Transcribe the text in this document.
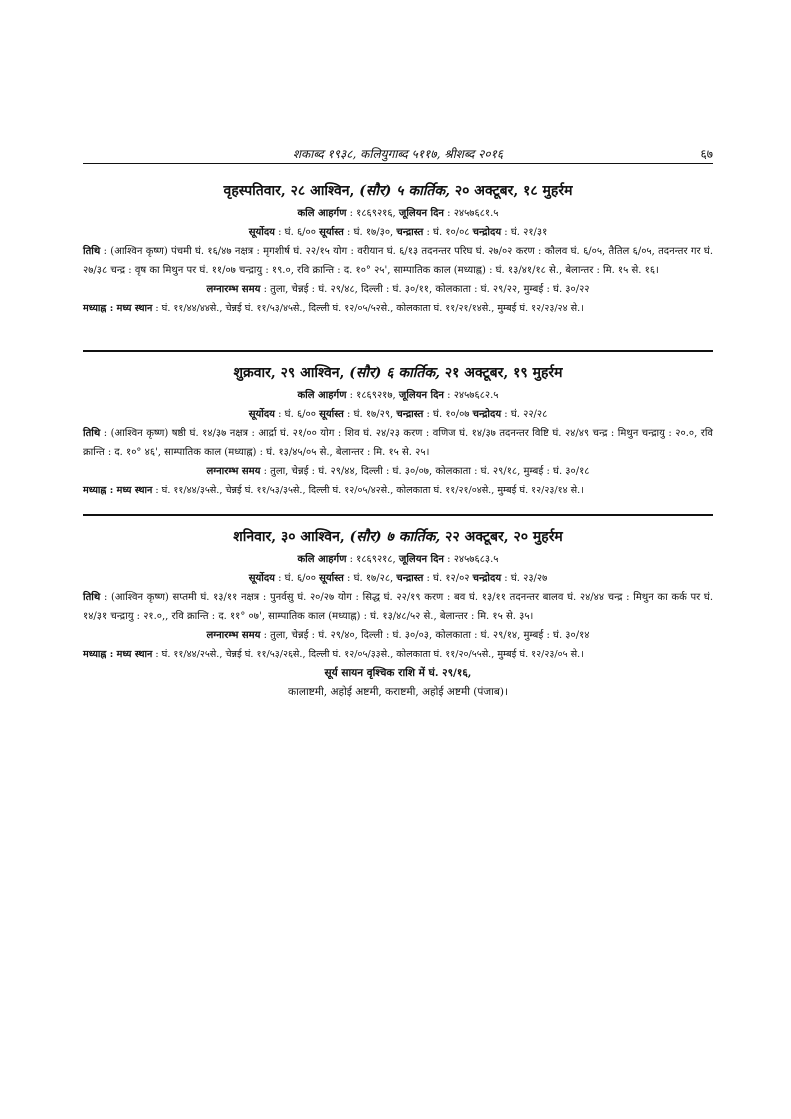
शकाब्द १९३८, कलियुगाब्द ५११७, श्रीशब्द २०१६	६७
वृहस्पतिवार, २८ आश्विन, (सौर) ५ कार्तिक, २० अक्टूबर, १८ मुहर्रम
कलि आहर्गण : १८६९२१६, जूलियन दिन : २४५७६८१.५
सूर्योदय : घं. ६/०० सूर्यास्त : घं. १७/३०, चन्द्रास्त : घं. १०/०८ चन्द्रोदय : घं. २१/३१
तिथि : (आश्विन कृष्ण) पंचमी घं. १६/४७ नक्षत्र : मृगशीर्ष घं. २२/१५ योग : वरीयान घं. ६/१३ तदनन्तर परिघ घं. २७/०२ करण : कौलव घं. ६/०५, तैतिल ६/०५, तदनन्तर गर घं. २७/३८ चन्द्र : वृष का मिथुन पर घं. ११/०७ चन्द्रायु : १९.०, रवि क्रान्ति : द. १०° २५', साम्पातिक काल (मध्याह्न) : घं. १३/४१/१८ से., बेलान्तर : मि. १५ से. १६।
लग्नारम्भ समय : तुला, चेन्नई : घं. २९/४८, दिल्ली : घं. ३०/११, कोलकाता : घं. २९/२२, मुम्बई : घं. ३०/२२
मध्याह्न : मध्य स्थान : घं. ११/४४/४४से., चेन्नई घं. ११/५३/४५से., दिल्ली घं. १२/०५/५२से., कोलकाता घं. ११/२१/१४से., मुम्बई घं. १२/२३/२४ से.।
शुक्रवार, २९ आश्विन, (सौर) ६ कार्तिक, २१ अक्टूबर, १९ मुहर्रम
कलि आहर्गण : १८६९२१७, जूलियन दिन : २४५७६८२.५
सूर्योदय : घं. ६/०० सूर्यास्त : घं. १७/२९, चन्द्रास्त : घं. १०/०७ चन्द्रोदय : घं. २२/२८
तिथि : (आश्विन कृष्ण) षष्ठी घं. १४/३७ नक्षत्र : आर्द्रा घं. २१/०० योग : शिव घं. २४/२३ करण : वणिज घं. १४/३७ तदनन्तर विष्टि घं. २४/४९ चन्द्र : मिथुन चन्द्रायु : २०.०, रवि क्रान्ति : द. १०° ४६', साम्पातिक काल (मध्याह्न) : घं. १३/४५/०५ से., बेलान्तर : मि. १५ से. २५।
लग्नारम्भ समय : तुला, चेन्नई : घं. २९/४४, दिल्ली : घं. ३०/०७, कोलकाता : घं. २९/१८, मुम्बई : घं. ३०/१८
मध्याह्न : मध्य स्थान : घं. ११/४४/३५से., चेन्नई घं. ११/५३/३५से., दिल्ली घं. १२/०५/४२से., कोलकाता घं. ११/२१/०४से., मुम्बई घं. १२/२३/१४ से.।
शनिवार, ३० आश्विन, (सौर) ७ कार्तिक, २२ अक्टूबर, २० मुहर्रम
कलि आहर्गण : १८६९२१८, जूलियन दिन : २४५७६८३.५
सूर्योदय : घं. ६/०० सूर्यास्त : घं. १७/२८, चन्द्रास्त : घं. १२/०२ चन्द्रोदय : घं. २३/२७
तिथि : (आश्विन कृष्ण) सप्तमी घं. १३/११ नक्षत्र : पुनर्वसु घं. २०/२७ योग : सिद्ध घं. २२/१९ करण : बव घं. १३/११ तदनन्तर बालव घं. २४/४४ चन्द्र : मिथुन का कर्क पर घं. १४/३१ चन्द्रायु : २१.०,, रवि क्रान्ति : द. ११° ०७', साम्पातिक काल (मध्याह्न) : घं. १३/४८/५२ से., बेलान्तर : मि. १५ से. ३५।
लग्नारम्भ समय : तुला, चेन्नई : घं. २९/४०, दिल्ली : घं. ३०/०३, कोलकाता : घं. २९/१४, मुम्बई : घं. ३०/१४
मध्याह्न : मध्य स्थान : घं. ११/४४/२५से., चेन्नई घं. ११/५३/२६से., दिल्ली घं. १२/०५/३३से., कोलकाता घं. ११/२०/५५से., मुम्बई घं. १२/२३/०५ से.।
सूर्य सायन वृश्चिक राशि में घं. २९/१६,
कालाष्टमी, अहोई अष्टमी, कराष्टमी, अहोई अष्टमी (पंजाब)।
